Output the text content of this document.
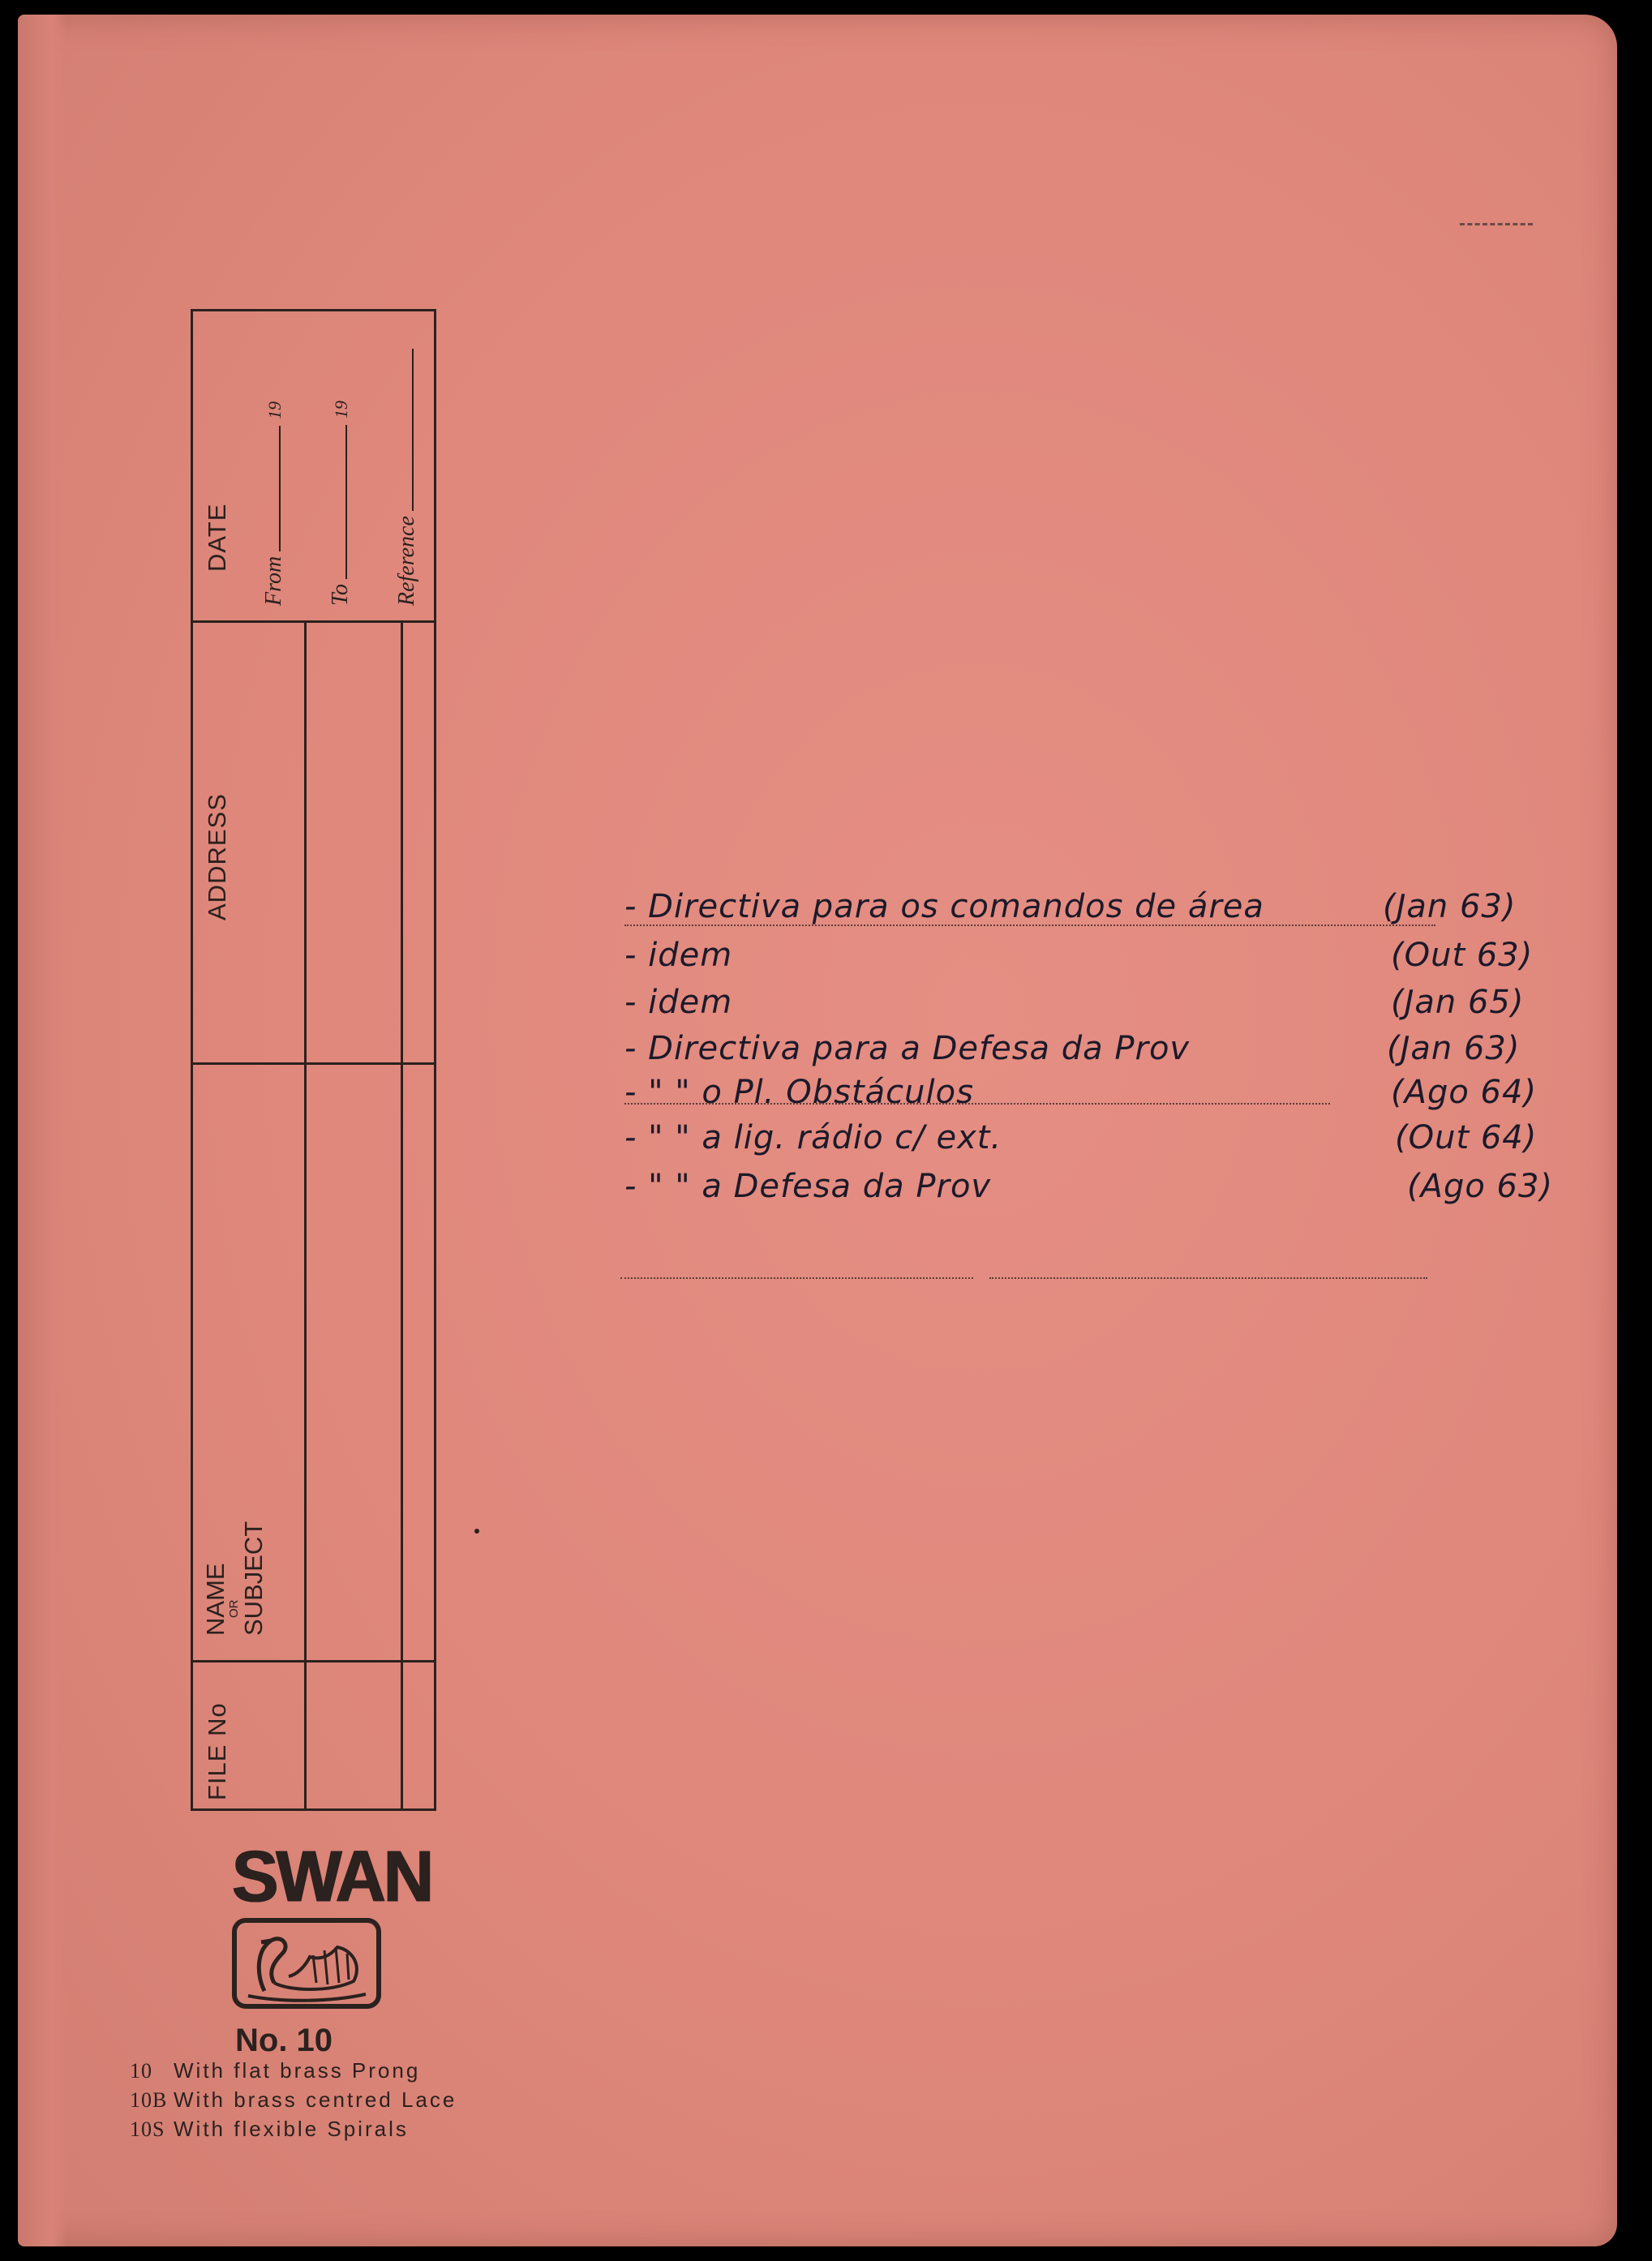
FILE No
NAME
OR
SUBJECT
ADDRESS
DATE
From19
To19
Reference
SWAN
No. 10
10 With flat brass Prong
10B With brass centred Lace
10S With flexible Spirals
- Directiva para os comandos de área	(Jan 63)
- idem	(Out 63)
- idem	(Jan 65)
- Directiva para a Defesa da Prov	(Jan 63)
- " " o Pl. Obstáculos	(Ago 64)
- " " a lig. rádio c/ ext.	(Out 64)
- " " a Defesa da Prov	(Ago 63)
